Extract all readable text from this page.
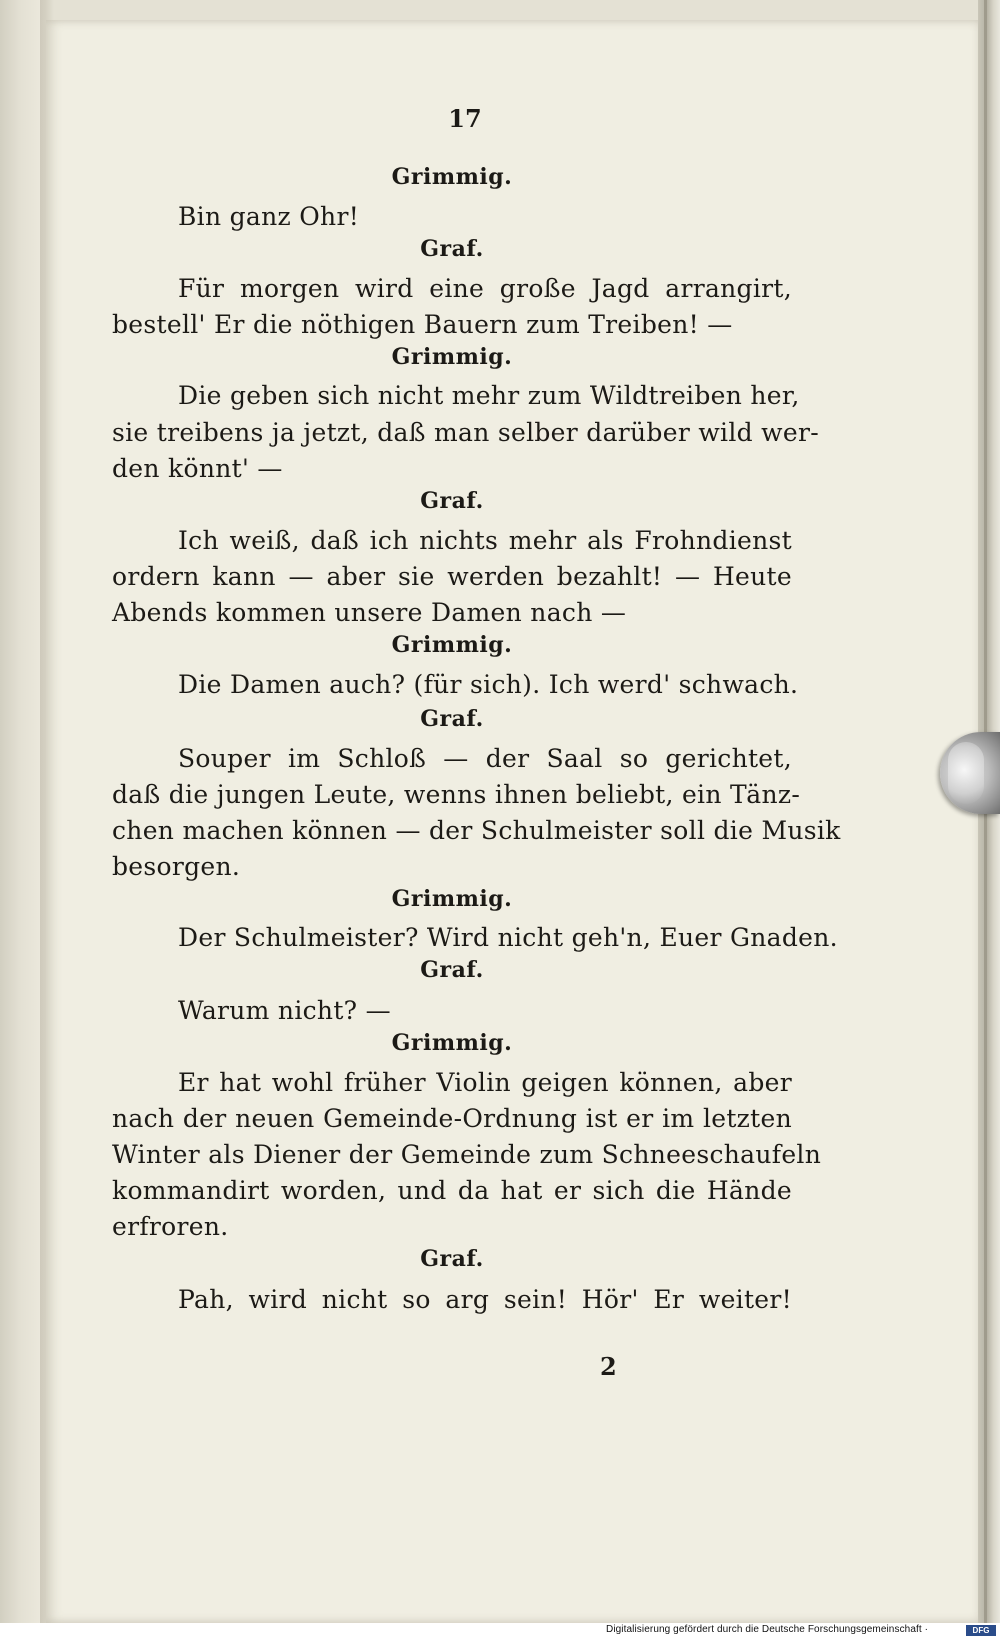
17
Grimmig.
Bin ganz Ohr!
Graf.
Für morgen wird eine große Jagd arrangirt,
bestell' Er die nöthigen Bauern zum Treiben! —
Grimmig.
Die geben sich nicht mehr zum Wildtreiben her,
sie treibens ja jetzt, daß man selber darüber wild wer-
den könnt' —
Graf.
Ich weiß, daß ich nichts mehr als Frohndienst
ordern kann — aber sie werden bezahlt! — Heute
Abends kommen unsere Damen nach —
Grimmig.
Die Damen auch? (für sich). Ich werd' schwach.
Graf.
Souper im Schloß — der Saal so gerichtet,
daß die jungen Leute, wenns ihnen beliebt, ein Tänz-
chen machen können — der Schulmeister soll die Musik
besorgen.
Grimmig.
Der Schulmeister? Wird nicht geh'n, Euer Gnaden.
Graf.
Warum nicht? —
Grimmig.
Er hat wohl früher Violin geigen können, aber
nach der neuen Gemeinde-Ordnung ist er im letzten
Winter als Diener der Gemeinde zum Schneeschaufeln
kommandirt worden, und da hat er sich die Hände
erfroren.
Graf.
Pah, wird nicht so arg sein! Hör' Er weiter!
2
Digitalisierung gefördert durch die Deutsche Forschungsgemeinschaft ·	DFG
